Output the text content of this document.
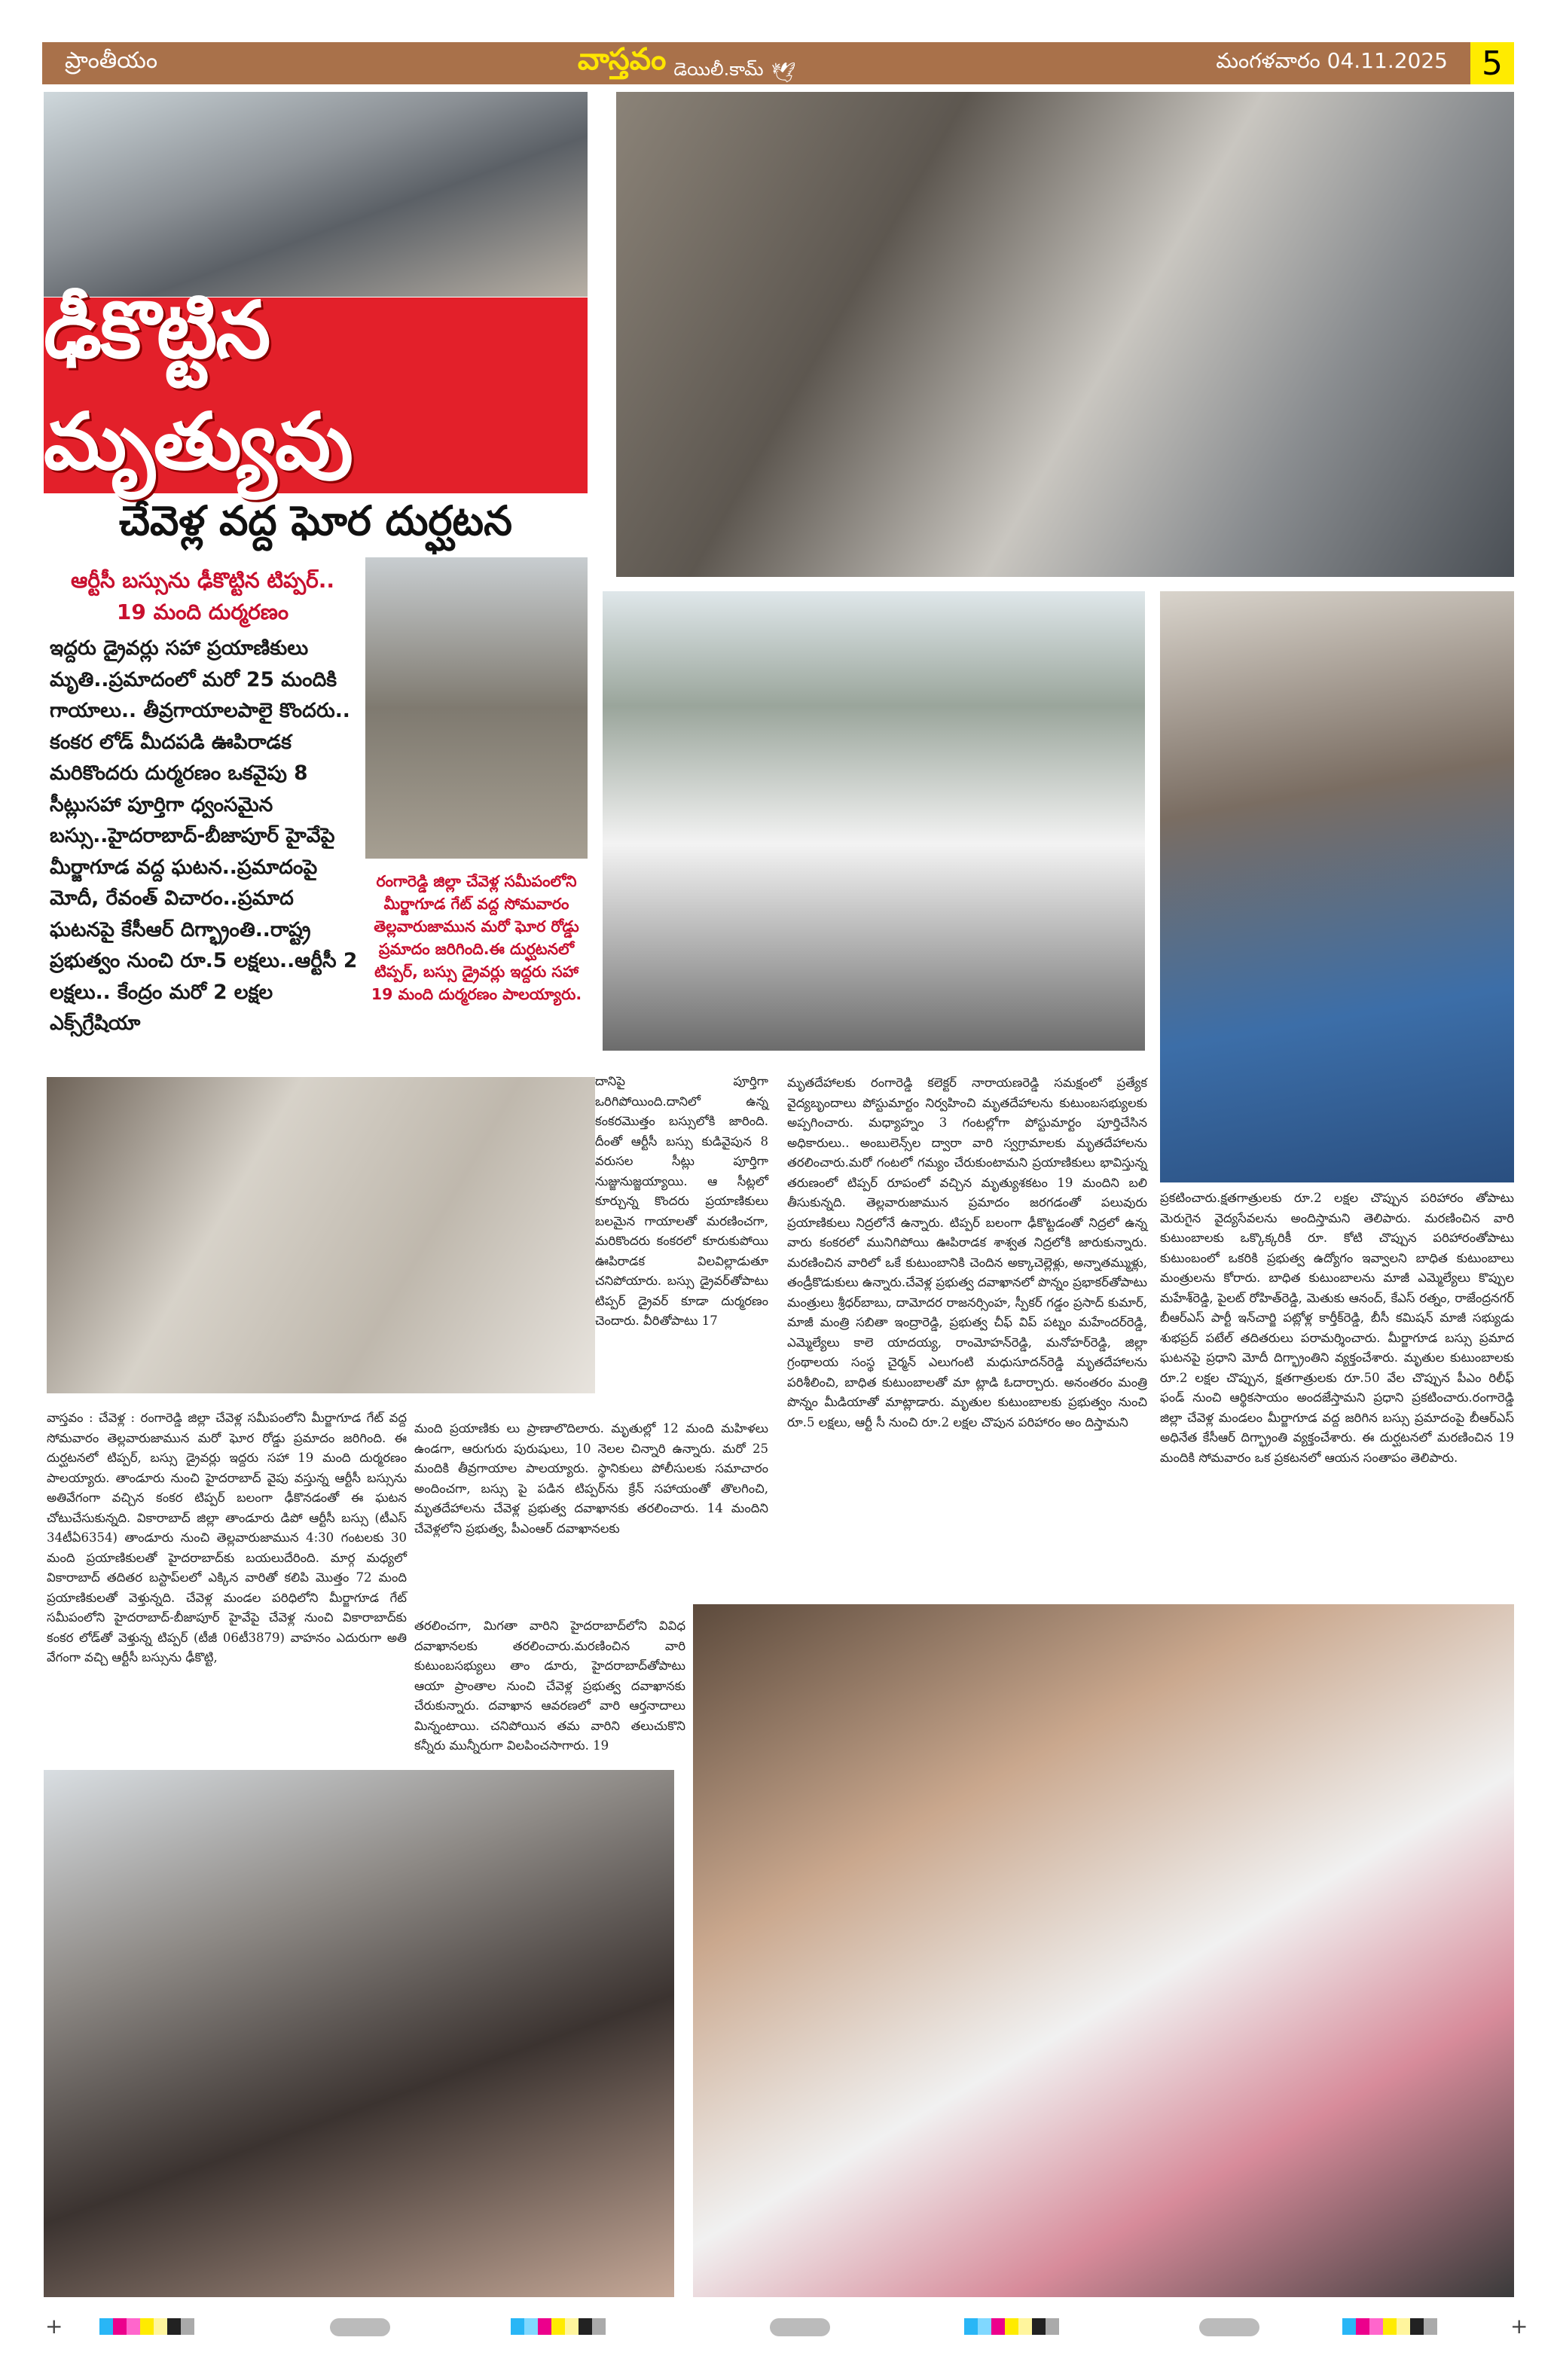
ప్రాంతీయం	వాస్తవం డెయిలీ.కామ్ 🕊	మంగళవారం 04.11.2025	5
ఢీకొట్టిన మృత్యువు
చేవెళ్ల వద్ద ఘోర దుర్ఘటన
ఆర్టీసీ బస్సును ఢీకొట్టిన టిప్పర్..
19 మంది దుర్మరణం
ఇద్దరు డ్రైవర్లు సహా ప్రయాణికులు మృతి..ప్రమాదంలో మరో 25 మందికి గాయాలు.. తీవ్రగాయాలపాలై కొందరు.. కంకర లోడ్ మీదపడి ఊపిరాడక మరికొందరు దుర్మరణం ఒకవైపు 8 సీట్లుసహా పూర్తిగా ధ్వంసమైన బస్సు..హైదరాబాద్-బీజాపూర్ హైవేపై మీర్జాగూడ వద్ద ఘటన..ప్రమాదంపై మోదీ, రేవంత్ విచారం..ప్రమాద ఘటనపై కేసీఆర్ దిగ్భ్రాంతి..రాష్ట్ర ప్రభుత్వం నుంచి రూ.5 లక్షలు..ఆర్టీసీ 2 లక్షలు.. కేంద్రం మరో 2 లక్షల ఎక్స్‌గ్రేషియా
రంగారెడ్డి జిల్లా చేవెళ్ల సమీపంలోని మీర్జాగూడ గేట్ వద్ద సోమవారం తెల్లవారుజామున మరో ఘోర రోడ్డు ప్రమాదం జరిగింది.ఈ దుర్ఘటనలో టిప్పర్, బస్సు డ్రైవర్లు ఇద్దరు సహా 19 మంది దుర్మరణం పాలయ్యారు.
దానిపై పూర్తిగా ఒరిగిపోయింది.దానిలో ఉన్న కంకరమొత్తం బస్సులోకి జారింది. దీంతో ఆర్టీసీ బస్సు కుడివైపున 8 వరుసల సీట్లు పూర్తిగా నుజ్జునుజ్జయ్యాయి. ఆ సీట్లలో కూర్చున్న కొందరు ప్రయాణికులు బలమైన గాయాలతో మరణించగా, మరికొందరు కంకరలో కూరుకుపోయి ఊపిరాడక విలవిల్లాడుతూ చనిపోయారు. బస్సు డ్రైవర్‌తోపాటు టిప్పర్ డ్రైవర్ కూడా దుర్మరణం చెందారు. వీరితోపాటు 17
వాస్తవం : చేవెళ్ల : రంగారెడ్డి జిల్లా చేవెళ్ల సమీపంలోని మీర్జాగూడ గేట్ వద్ద సోమవారం తెల్లవారుజామున మరో ఘోర రోడ్డు ప్రమాదం జరిగింది. ఈ దుర్ఘటనలో టిప్పర్, బస్సు డ్రైవర్లు ఇద్దరు సహా 19 మంది దుర్మరణం పాలయ్యారు. తాండూరు నుంచి హైదరాబాద్ వైపు వస్తున్న ఆర్టీసీ బస్సును అతివేగంగా వచ్చిన కంకర టిప్పర్ బలంగా ఢీకొనడంతో ఈ ఘటన చోటుచేసుకున్నది. వికారాబాద్ జిల్లా తాండూరు డిపో ఆర్టీసీ బస్సు (టీఎస్ 34టీఏ6354) తాండూరు నుంచి తెల్లవారుజామున 4:30 గంటలకు 30 మంది ప్రయాణికులతో హైదరాబాద్‌కు బయలుదేరింది. మార్గ మధ్యలో వికారాబాద్ తదితర బస్టాప్‌లలో ఎక్కిన వారితో కలిపి మొత్తం 72 మంది ప్రయాణికులతో వెళ్తున్నది. చేవెళ్ల మండల పరిధిలోని మీర్జాగూడ గేట్ సమీపంలోని హైదరాబాద్-బీజాపూర్ హైవేపై చేవెళ్ల నుంచి వికారాబాద్‌కు కంకర లోడ్‌తో వెళ్తున్న టిప్పర్ (టీజీ 06టీ3879) వాహనం ఎదురుగా అతి వేగంగా వచ్చి ఆర్టీసీ బస్సును ఢీకొట్టి,
మంది ప్రయాణికు లు ప్రాణాలొదిలారు. మృతుల్లో 12 మంది మహిళలు ఉండగా, ఆరుగురు పురుషులు, 10 నెలల చిన్నారి ఉన్నారు. మరో 25 మందికి తీవ్రగాయాల పాలయ్యారు. స్థానికులు పోలీసులకు సమాచారం అందించగా, బస్సు పై పడిన టిప్పర్‌ను క్రేన్ సహాయంతో తొలగించి, మృతదేహాలను చేవెళ్ల ప్రభుత్వ దవాఖానకు తరలించారు. 14 మందిని చేవెళ్లలోని ప్రభుత్వ, పీఎంఆర్ దవాఖానలకు
తరలించగా, మిగతా వారిని హైదరాబాద్‌లోని వివిధ దవాఖానలకు తరలించారు.మరణించిన వారి కుటుంబసభ్యులు తాం డూరు, హైదరాబాద్‌తోపాటు ఆయా ప్రాంతాల నుంచి చేవెళ్ల ప్రభుత్వ దవాఖానకు చేరుకున్నారు. దవాఖాన ఆవరణలో వారి ఆర్తనాదాలు మిన్నంటాయి. చనిపోయిన తమ వారిని తలుచుకొని కన్నీరు మున్నీరుగా విలపించసాగారు. 19
మృతదేహాలకు రంగారెడ్డి కలెక్టర్ నారాయణరెడ్డి సమక్షంలో ప్రత్యేక వైద్యబృందాలు పోస్టుమార్టం నిర్వహించి మృతదేహాలను కుటుంబసభ్యులకు అప్పగించారు. మధ్యాహ్నం 3 గంటల్లోగా పోస్టుమార్టం పూర్తిచేసిన అధికారులు.. అంబులెన్స్‌ల ద్వారా వారి స్వగ్రామాలకు మృతదేహాలను తరలించారు.మరో గంటలో గమ్యం చేరుకుంటామని ప్రయాణికులు భావిస్తున్న తరుణంలో టిప్పర్ రూపంలో వచ్చిన మృత్యుశకటం 19 మందిని బలి తీసుకున్నది. తెల్లవారుజామున ప్రమాదం జరగడంతో పలువురు ప్రయాణికులు నిద్రలోనే ఉన్నారు. టిప్పర్ బలంగా ఢీకొట్టడంతో నిద్రలో ఉన్న వారు కంకరలో మునిగిపోయి ఊపిరాడక శాశ్వత నిద్రలోకి జారుకున్నారు. మరణించిన వారిలో ఒకే కుటుంబానికి చెందిన అక్కాచెల్లెళ్లు, అన్నాతమ్ముళ్లు, తండ్రీకొడుకులు ఉన్నారు.చేవెళ్ల ప్రభుత్వ దవాఖానలో పొన్నం ప్రభాకర్‌తోపాటు మంత్రులు శ్రీధర్‌బాబు, దామోదర రాజనర్సింహ, స్పీకర్ గడ్డం ప్రసాద్ కుమార్, మాజీ మంత్రి సబితా ఇంద్రారెడ్డి, ప్రభుత్వ చీఫ్ విప్ పట్నం మహేందర్‌రెడ్డి, ఎమ్మెల్యేలు కాలె యాదయ్య, రాంమోహన్‌రెడ్డి, మనోహర్‌రెడ్డి, జిల్లా గ్రంథాలయ సంస్థ చైర్మన్ ఎలుగంటి మధుసూదన్‌రెడ్డి మృతదేహాలను పరిశీలించి, బాధిత కుటుంబాలతో మా ట్లాడి ఓదార్చారు. అనంతరం మంత్రి పొన్నం మీడియాతో మాట్లాడారు. మృతుల కుటుంబాలకు ప్రభుత్వం నుంచి రూ.5 లక్షలు, ఆర్టీ సీ నుంచి రూ.2 లక్షల చొపున పరిహారం అం దిస్తామని
ప్రకటించారు.క్షతగాత్రులకు రూ.2 లక్షల చొప్పున పరిహారం తోపాటు మెరుగైన వైద్యసేవలను అందిస్తామని తెలిపారు. మరణించిన వారి కుటుంబాలకు ఒక్కొక్కరికీ రూ. కోటి చొప్పున పరిహారంతోపాటు కుటుంబంలో ఒకరికి ప్రభుత్వ ఉద్యోగం ఇవ్వాలని బాధిత కుటుంబాలు మంత్రులను కోరారు. బాధిత కుటుంబాలను మాజీ ఎమ్మెల్యేలు కొప్పుల మహేశ్‌రెడ్డి, పైలట్ రోహిత్‌రెడ్డి, మెతుకు ఆనంద్, కేఎస్ రత్నం, రాజేంద్రనగర్ బీఆర్‌ఎస్ పార్టీ ఇన్‌చార్జి పట్లోళ్ల కార్తీక్‌రెడ్డి, బీసీ కమిషన్ మాజీ సభ్యుడు శుభప్రద్ పటేల్ తదితరులు పరామర్శించారు. మీర్జాగూడ బస్సు ప్రమాద ఘటనపై ప్రధాని మోదీ దిగ్భ్రాంతిని వ్యక్తంచేశారు. మృతుల కుటుంబాలకు రూ.2 లక్షల చొప్పున, క్షతగాత్రులకు రూ.50 వేల చొప్పున పీఎం రిలీఫ్ ఫండ్ నుంచి ఆర్థికసాయం అందజేస్తామని ప్రధాని ప్రకటించారు.రంగారెడ్డి జిల్లా చేవెళ్ల మండలం మీర్జాగూడ వద్ద జరిగిన బస్సు ప్రమాదంపై బీఆర్‌ఎస్ అధినేత కేసీఆర్ దిగ్భ్రాంతి వ్యక్తంచేశారు. ఈ దుర్ఘటనలో మరణించిన 19 మందికి సోమవారం ఒక ప్రకటనలో ఆయన సంతాపం తెలిపారు.
+	+
